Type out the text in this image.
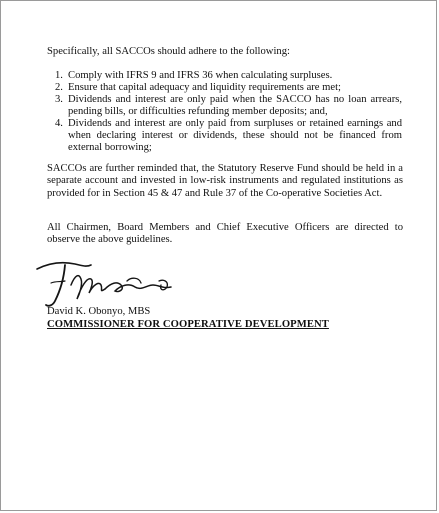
Specifically, all SACCOs should adhere to the following:

1. Comply with IFRS 9 and IFRS 36 when calculating surpluses.
2. Ensure that capital adequacy and liquidity requirements are met;
3. Dividends and interest are only paid when the SACCO has no loan arrears, pending bills, or difficulties refunding member deposits; and,
4. Dividends and interest are only paid from surpluses or retained earnings and when declaring interest or dividends, these should not be financed from external borrowing;

SACCOs are further reminded that, the Statutory Reserve Fund should be held in a separate account and invested in low-risk instruments and regulated institutions as provided for in Section 45 & 47 and Rule 37 of the Co-operative Societies Act.

All Chairmen, Board Members and Chief Executive Officers are directed to observe the above guidelines.

David K. Obonyo, MBS

COMMISSIONER FOR COOPERATIVE DEVELOPMENT
